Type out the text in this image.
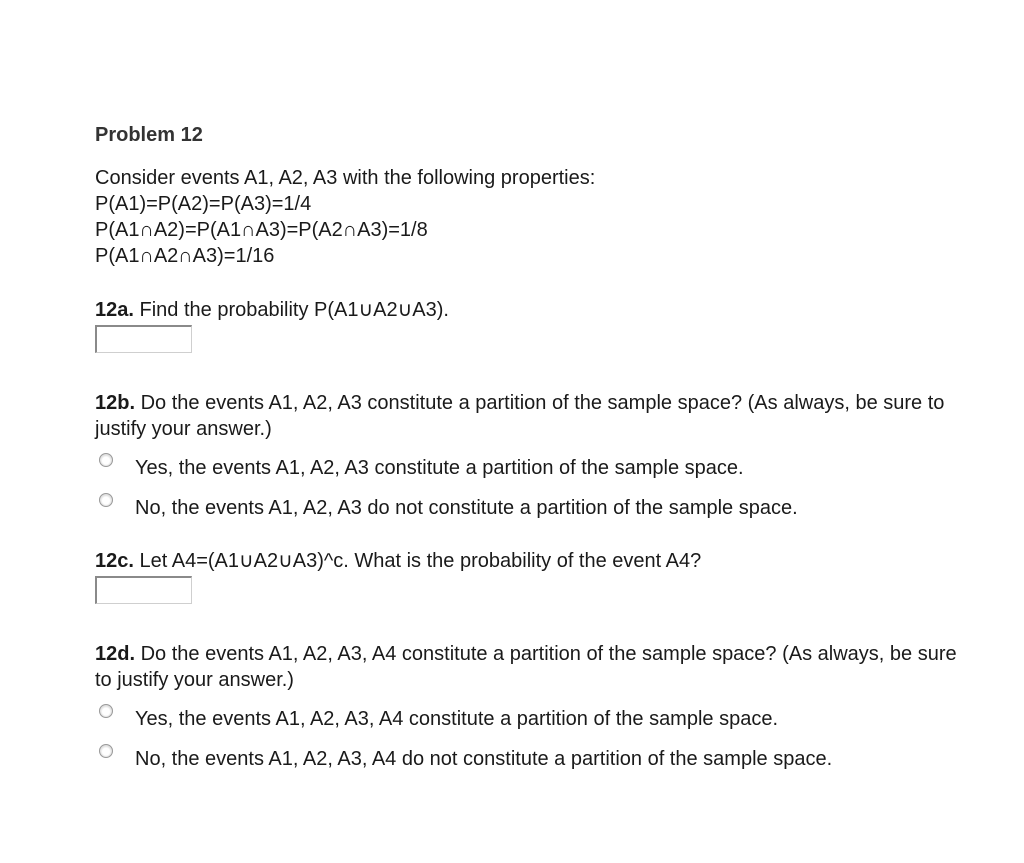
Problem 12
Consider events A1, A2, A3 with the following properties:
P(A1)=P(A2)=P(A3)=1/4
P(A1∩A2)=P(A1∩A3)=P(A2∩A3)=1/8
P(A1∩A2∩A3)=1/16
12a. Find the probability P(A1∪A2∪A3).
12b. Do the events A1, A2, A3 constitute a partition of the sample space? (As always, be sure to justify your answer.)
Yes, the events A1, A2, A3 constitute a partition of the sample space.
No, the events A1, A2, A3 do not constitute a partition of the sample space.
12c. Let A4=(A1∪A2∪A3)^c. What is the probability of the event A4?
12d. Do the events A1, A2, A3, A4 constitute a partition of the sample space? (As always, be sure to justify your answer.)
Yes, the events A1, A2, A3, A4 constitute a partition of the sample space.
No, the events A1, A2, A3, A4 do not constitute a partition of the sample space.
